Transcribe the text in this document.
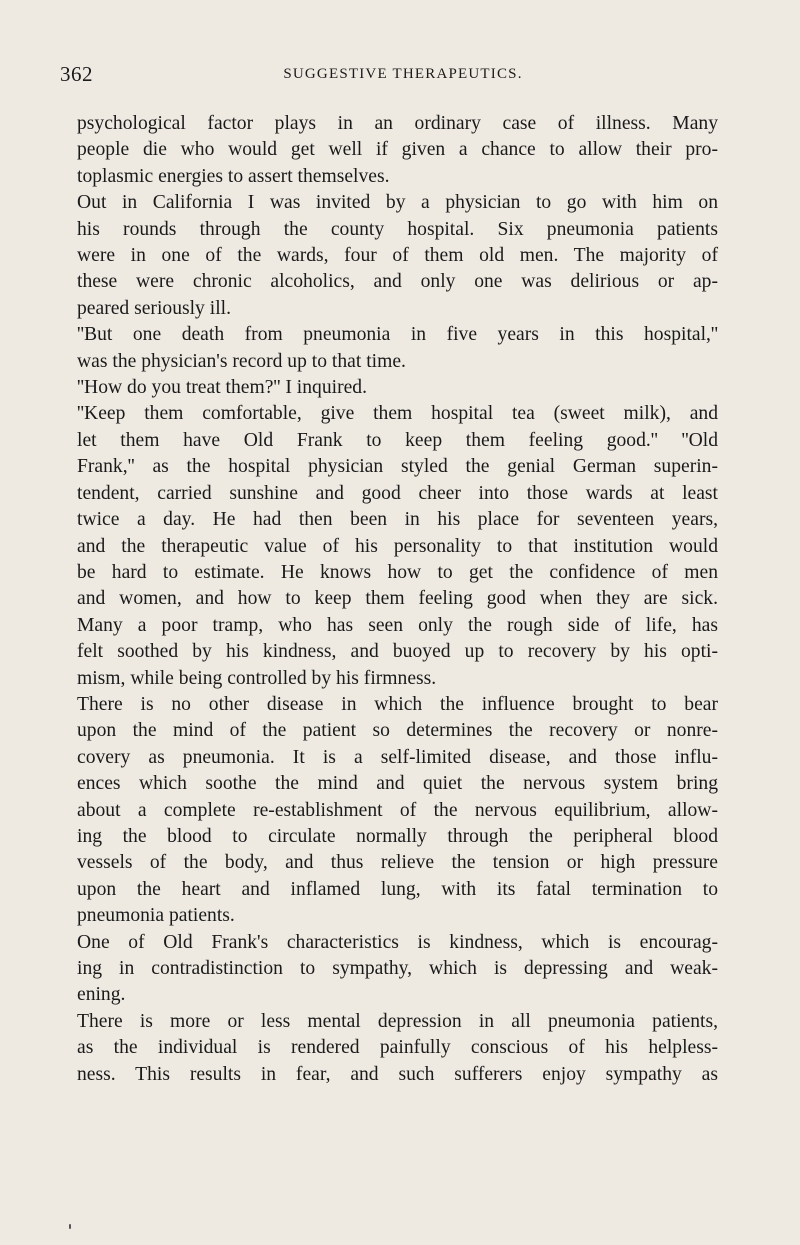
362	SUGGESTIVE THERAPEUTICS.
psychological factor plays in an ordinary case of illness. Many
people die who would get well if given a chance to allow their pro-
toplasmic energies to assert themselves.
Out in California I was invited by a physician to go with him on
his rounds through the county hospital. Six pneumonia patients
were in one of the wards, four of them old men. The majority of
these were chronic alcoholics, and only one was delirious or ap-
peared seriously ill.
''But one death from pneumonia in five years in this hospital,''
was the physician's record up to that time.
''How do you treat them?'' I inquired.
''Keep them comfortable, give them hospital tea (sweet milk), and
let them have Old Frank to keep them feeling good.'' ''Old
Frank,'' as the hospital physician styled the genial German superin-
tendent, carried sunshine and good cheer into those wards at least
twice a day. He had then been in his place for seventeen years,
and the therapeutic value of his personality to that institution would
be hard to estimate. He knows how to get the confidence of men
and women, and how to keep them feeling good when they are sick.
Many a poor tramp, who has seen only the rough side of life, has
felt soothed by his kindness, and buoyed up to recovery by his opti-
mism, while being controlled by his firmness.
There is no other disease in which the influence brought to bear
upon the mind of the patient so determines the recovery or nonre-
covery as pneumonia. It is a self-limited disease, and those influ-
ences which soothe the mind and quiet the nervous system bring
about a complete re-establishment of the nervous equilibrium, allow-
ing the blood to circulate normally through the peripheral blood
vessels of the body, and thus relieve the tension or high pressure
upon the heart and inflamed lung, with its fatal termination to
pneumonia patients.
One of Old Frank's characteristics is kindness, which is encourag-
ing in contradistinction to sympathy, which is depressing and weak-
ening.
There is more or less mental depression in all pneumonia patients,
as the individual is rendered painfully conscious of his helpless-
ness. This results in fear, and such sufferers enjoy sympathy as
